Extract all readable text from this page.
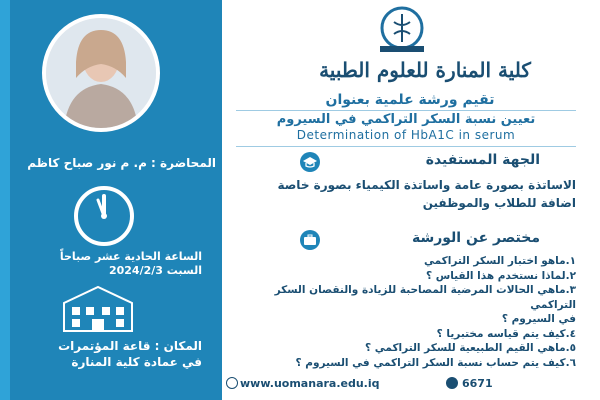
المحاضرة : م. م نور صباح كاظم
الساعة الحادية عشر صباحاً
السبت 2024/2/3
المكان : قاعة المؤتمرات
في عمادة كلية المنارة
كلية المنارة للعلوم الطبية
تقيم ورشة علمية بعنوان
تعيين نسبة السكر التراكمي في السيروم
Determination of HbA1C in serum
الجهة المستفيدة
الاساتذة بصورة عامة واساتذة الكيمياء بصورة خاصة
اضافة للطلاب والموظفين
مختصر عن الورشة
١.ماهو اختبار السكر التراكمي
٢.لماذا نستخدم هذا القياس ؟
٣.ماهي الحالات المرضية المصاحبة للزيادة والنقصان السكر التراكمي
في السيروم ؟
٤.كيف يتم قياسه مختبريا ؟
٥.ماهي القيم الطبيعية للسكر التراكمي ؟
٦.كيف يتم حساب نسبة السكر التراكمي في السيروم ؟
www.uomanara.edu.iq	6671
